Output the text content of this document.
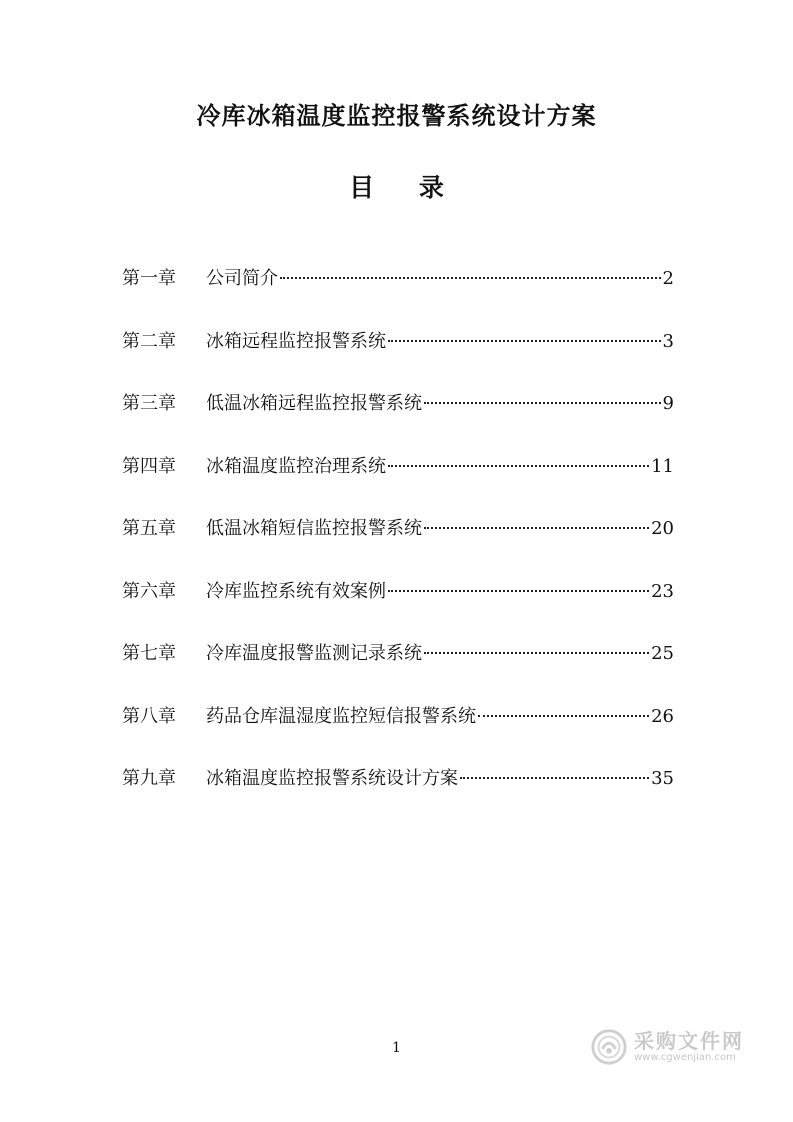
冷库冰箱温度监控报警系统设计方案
目 录
第一章	公司简介	2
第二章	冰箱远程监控报警系统	3
第三章	低温冰箱远程监控报警系统	9
第四章	冰箱温度监控治理系统	11
第五章	低温冰箱短信监控报警系统	20
第六章	冷库监控系统有效案例	23
第七章	冷库温度报警监测记录系统	25
第八章	药品仓库温湿度监控短信报警系统	26
第九章	冰箱温度监控报警系统设计方案	35
1	采购文件网
www.cgwenjian.com
